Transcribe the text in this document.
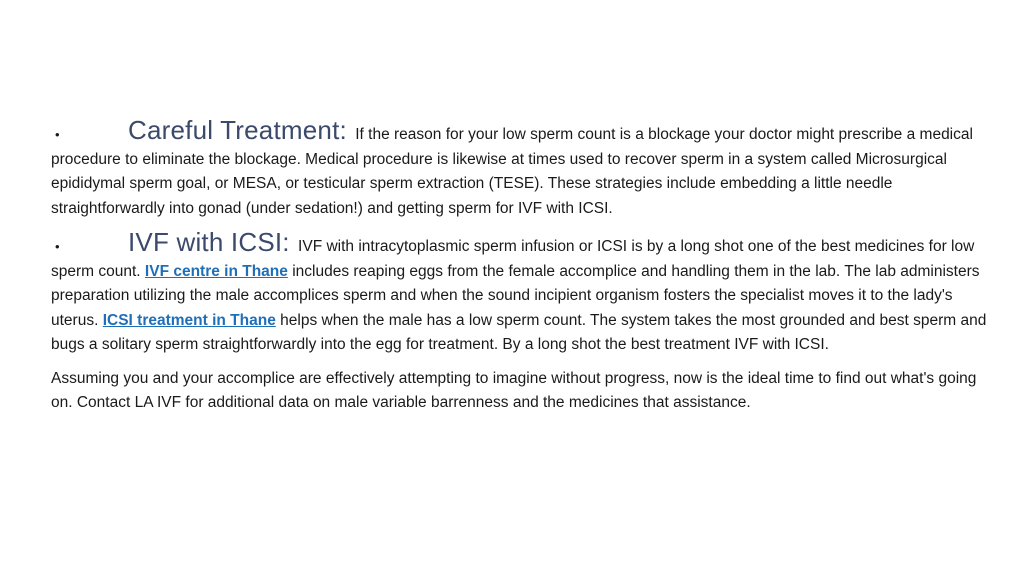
•	Careful Treatment: If the reason for your low sperm count is a blockage your doctor might prescribe a medical procedure to eliminate the blockage. Medical procedure is likewise at times used to recover sperm in a system called Microsurgical epididymal sperm goal, or MESA, or testicular sperm extraction (TESE). These strategies include embedding a little needle straightforwardly into gonad (under sedation!) and getting sperm for IVF with ICSI.

•	IVF with ICSI: IVF with intracytoplasmic sperm infusion or ICSI is by a long shot one of the best medicines for low sperm count. IVF centre in Thane includes reaping eggs from the female accomplice and handling them in the lab. The lab administers preparation utilizing the male accomplices sperm and when the sound incipient organism fosters the specialist moves it to the lady's uterus. ICSI treatment in Thane helps when the male has a low sperm count. The system takes the most grounded and best sperm and bugs a solitary sperm straightforwardly into the egg for treatment. By a long shot the best treatment IVF with ICSI.

Assuming you and your accomplice are effectively attempting to imagine without progress, now is the ideal time to find out what's going on. Contact LA IVF for additional data on male variable barrenness and the medicines that assistance.
